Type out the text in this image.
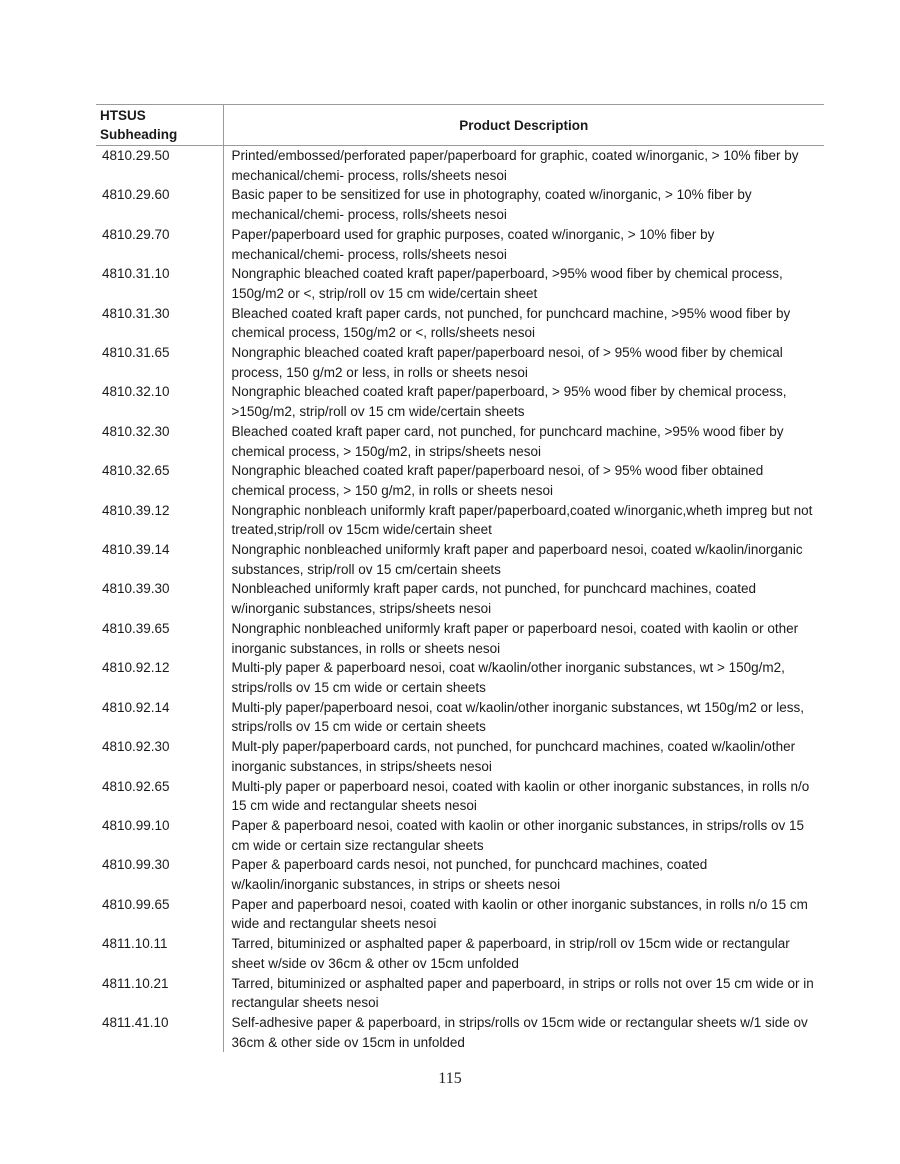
HTSUS
Subheading	Product Description
4810.29.50	Printed/embossed/perforated paper/paperboard for graphic, coated w/inorganic, > 10% fiber by mechanical/chemi- process, rolls/sheets nesoi
4810.29.60	Basic paper to be sensitized for use in photography, coated w/inorganic, > 10% fiber by mechanical/chemi- process, rolls/sheets nesoi
4810.29.70	Paper/paperboard used for graphic purposes, coated w/inorganic, > 10% fiber by mechanical/chemi- process, rolls/sheets nesoi
4810.31.10	Nongraphic bleached coated kraft paper/paperboard, >95% wood fiber by chemical process, 150g/m2 or <, strip/roll ov 15 cm wide/certain sheet
4810.31.30	Bleached coated kraft paper cards, not punched, for punchcard machine, >95% wood fiber by chemical process, 150g/m2 or <, rolls/sheets nesoi
4810.31.65	Nongraphic bleached coated kraft paper/paperboard nesoi, of > 95% wood fiber by chemical process, 150 g/m2 or less, in rolls or sheets nesoi
4810.32.10	Nongraphic bleached coated kraft paper/paperboard, > 95% wood fiber by chemical process, >150g/m2, strip/roll ov 15 cm wide/certain sheets
4810.32.30	Bleached coated kraft paper card, not punched, for punchcard machine, >95% wood fiber by chemical process, > 150g/m2, in strips/sheets nesoi
4810.32.65	Nongraphic bleached coated kraft paper/paperboard nesoi, of > 95% wood fiber obtained chemical process, > 150 g/m2, in rolls or sheets nesoi
4810.39.12	Nongraphic nonbleach uniformly kraft paper/paperboard,coated w/inorganic,wheth impreg but not treated,strip/roll ov 15cm wide/certain sheet
4810.39.14	Nongraphic nonbleached uniformly kraft paper and paperboard nesoi, coated w/kaolin/inorganic substances, strip/roll ov 15 cm/certain sheets
4810.39.30	Nonbleached uniformly kraft paper cards, not punched, for punchcard machines, coated w/inorganic substances, strips/sheets nesoi
4810.39.65	Nongraphic nonbleached uniformly kraft paper or paperboard nesoi, coated with kaolin or other inorganic substances, in rolls or sheets nesoi
4810.92.12	Multi-ply paper & paperboard nesoi, coat w/kaolin/other inorganic substances, wt > 150g/m2, strips/rolls ov 15 cm wide or certain sheets
4810.92.14	Multi-ply paper/paperboard nesoi, coat w/kaolin/other inorganic substances, wt 150g/m2 or less, strips/rolls ov 15 cm wide or certain sheets
4810.92.30	Mult-ply paper/paperboard cards, not punched, for punchcard machines, coated w/kaolin/other inorganic substances, in strips/sheets nesoi
4810.92.65	Multi-ply paper or paperboard nesoi, coated with kaolin or other inorganic substances, in rolls n/o 15 cm wide and rectangular sheets nesoi
4810.99.10	Paper & paperboard nesoi, coated with kaolin or other inorganic substances, in strips/rolls ov 15 cm wide or certain size rectangular sheets
4810.99.30	Paper & paperboard cards nesoi, not punched, for punchcard machines, coated w/kaolin/inorganic substances, in strips or sheets nesoi
4810.99.65	Paper and paperboard nesoi, coated with kaolin or other inorganic substances, in rolls n/o 15 cm wide and rectangular sheets nesoi
4811.10.11	Tarred, bituminized or asphalted paper & paperboard, in strip/roll ov 15cm wide or rectangular sheet w/side ov 36cm & other ov 15cm unfolded
4811.10.21	Tarred, bituminized or asphalted paper and paperboard, in strips or rolls not over 15 cm wide or in rectangular sheets nesoi
4811.41.10	Self-adhesive paper & paperboard, in strips/rolls ov 15cm wide or rectangular sheets w/1 side ov 36cm & other side ov 15cm in unfolded
115
